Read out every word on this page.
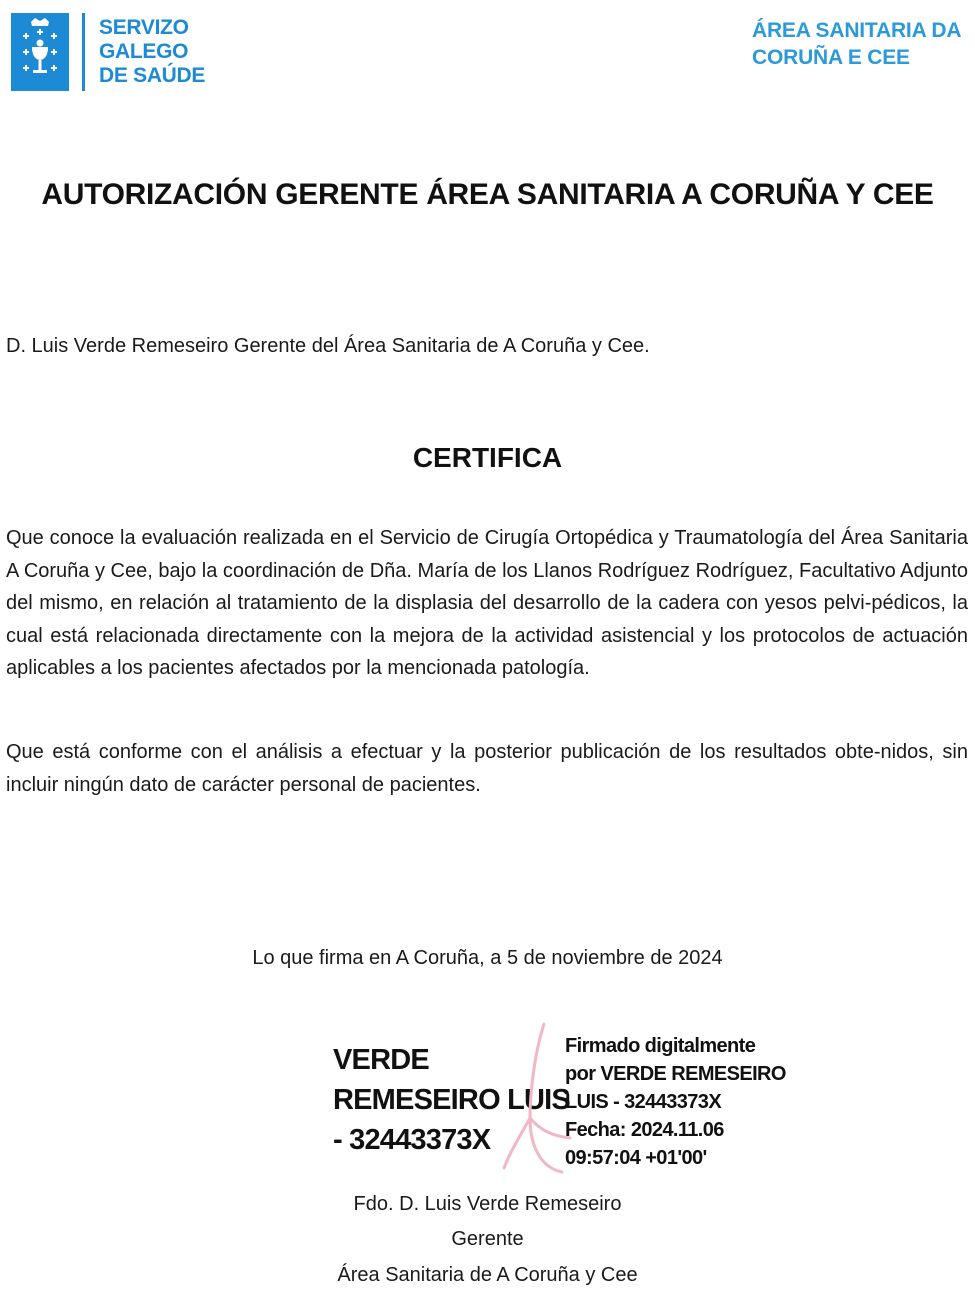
SERVIZO
GALEGO
DE SAÚDE
ÁREA SANITARIA DA
CORUÑA E CEE
AUTORIZACIÓN GERENTE ÁREA SANITARIA A CORUÑA Y CEE
D. Luis Verde Remeseiro Gerente del Área Sanitaria de A Coruña y Cee.
CERTIFICA

Que conoce la evaluación realizada en el Servicio de Cirugía Ortopédica y Traumatología del Área Sanitaria A Coruña y Cee, bajo la coordinación de Dña. María de los Llanos Rodríguez Rodríguez, Facultativo Adjunto del mismo, en relación al tratamiento de la displasia del desarrollo de la cadera con yesos pelvi-pédicos, la cual está relacionada directamente con la mejora de la actividad asistencial y los protocolos de actuación aplicables a los pacientes afectados por la mencionada patología.

Que está conforme con el análisis a efectuar y la posterior publicación de los resultados obte-nidos, sin incluir ningún dato de carácter personal de pacientes.

Lo que firma en A Coruña, a 5 de noviembre de 2024
VERDE
REMESEIRO LUIS
- 32443373X
Firmado digitalmente
por VERDE REMESEIRO
LUIS - 32443373X
Fecha: 2024.11.06
09:57:04 +01'00'
Fdo. D. Luis Verde Remeseiro
Gerente
Área Sanitaria de A Coruña y Cee
